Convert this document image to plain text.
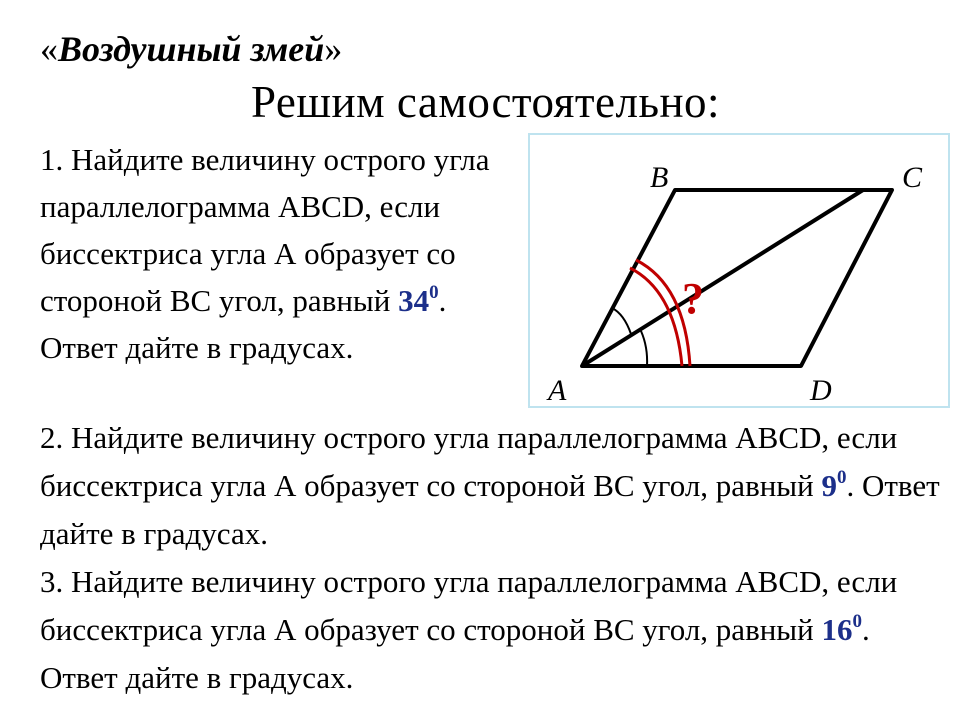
«Воздушный змей»
Решим самостоятельно:
1. Найдите величину острого угла параллелограмма ABCD, если биссектриса угла А образует со стороной ВС угол, равный $34^0$. Ответ дайте в градусах.
A
B	C
D
?
2. Найдите величину острого угла параллелограмма ABCD, если биссектриса угла А образует со стороной ВС угол, равный $9^0$. Ответ дайте в градусах.
3. Найдите величину острого угла параллелограмма ABCD, если биссектриса угла А образует со стороной ВС угол, равный $16^0$. Ответ дайте в градусах.
